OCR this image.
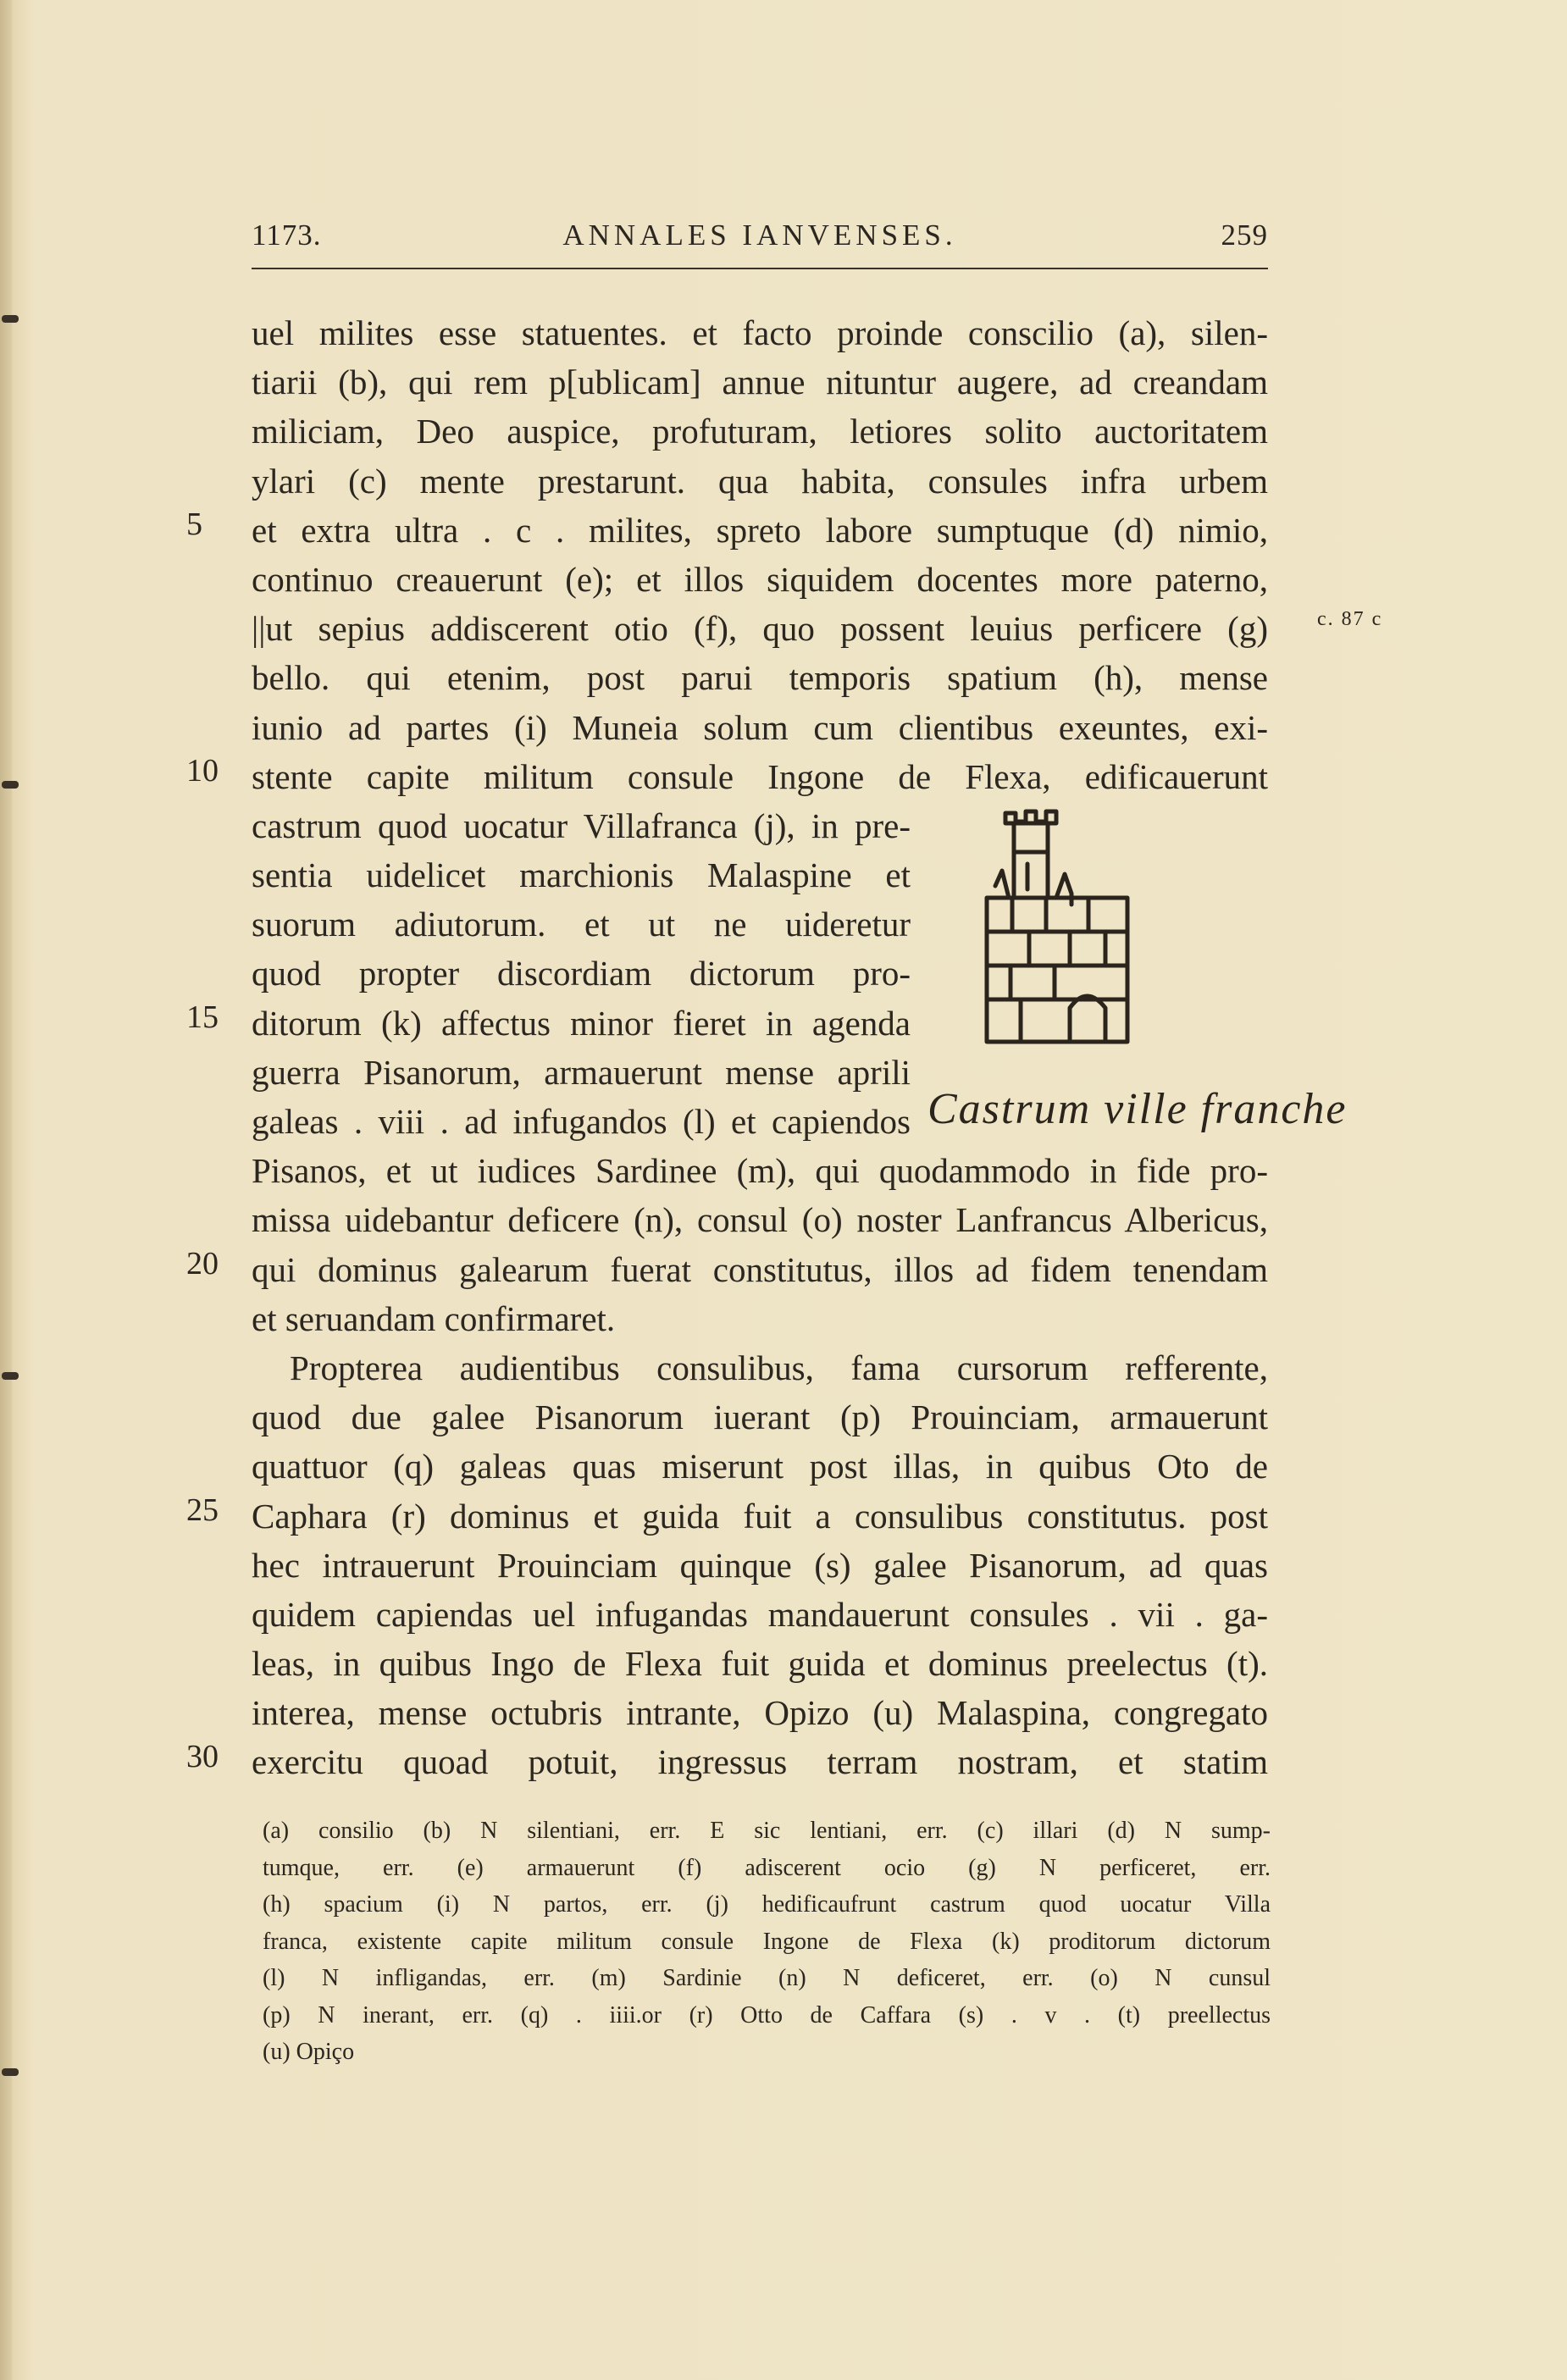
1173.	ANNALES IANVENSES.	259
uel milites esse statuentes. et facto proinde conscilio (a), silen-
tiarii (b), qui rem p[ublicam] annue nituntur augere, ad creandam
miliciam, Deo auspice, profuturam, letiores solito auctoritatem
ylari (c) mente prestarunt. qua habita, consules infra urbem
et extra ultra . c . milites, spreto labore sumptuque (d) nimio,
continuo creauerunt (e); et illos siquidem docentes more paterno,
||ut sepius addiscerent otio (f), quo possent leuius perficere (g)
bello. qui etenim, post parui temporis spatium (h), mense
iunio ad partes (i) Muneia solum cum clientibus exeuntes, exi-
stente capite militum consule Ingone de Flexa, edificauerunt
castrum quod uocatur Villafranca (j), in pre-
sentia uidelicet marchionis Malaspine et
suorum adiutorum. et ut ne uideretur
quod propter discordiam dictorum pro-
ditorum (k) affectus minor fieret in agenda
guerra Pisanorum, armauerunt mense aprili
galeas . viii . ad infugandos (l) et capiendos
Pisanos, et ut iudices Sardinee (m), qui quodammodo in fide pro-
missa uidebantur deficere (n), consul (o) noster Lanfrancus Albericus,
qui dominus galearum fuerat constitutus, illos ad fidem tenendam
et seruandam confirmaret.
Propterea audientibus consulibus, fama cursorum refferente,
quod due galee Pisanorum iuerant (p) Prouinciam, armauerunt
quattuor (q) galeas quas miserunt post illas, in quibus Oto de
Caphara (r) dominus et guida fuit a consulibus constitutus. post
hec intrauerunt Prouinciam quinque (s) galee Pisanorum, ad quas
quidem capiendas uel infugandas mandauerunt consules . vii . ga-
leas, in quibus Ingo de Flexa fuit guida et dominus preelectus (t).
interea, mense octubris intrante, Opizo (u) Malaspina, congregato
exercitu quoad potuit, ingressus terram nostram, et statim
5
10
15
20
25
30
c. 87 c
Castrum ville franche
(a) consilio (b) N silentiani, err. E sic lentiani, err. (c) illari (d) N sump-
tumque, err. (e) armauerunt (f) adiscerent ocio (g) N perficeret, err.
(h) spacium (i) N partos, err. (j) hedificaufrunt castrum quod uocatur Villa
franca, existente capite militum consule Ingone de Flexa (k) proditorum dictorum
(l) N infligandas, err. (m) Sardinie (n) N deficeret, err. (o) N cunsul
(p) N inerant, err. (q) . iiii.or (r) Otto de Caffara (s) . v . (t) preellectus
(u) Opiço
